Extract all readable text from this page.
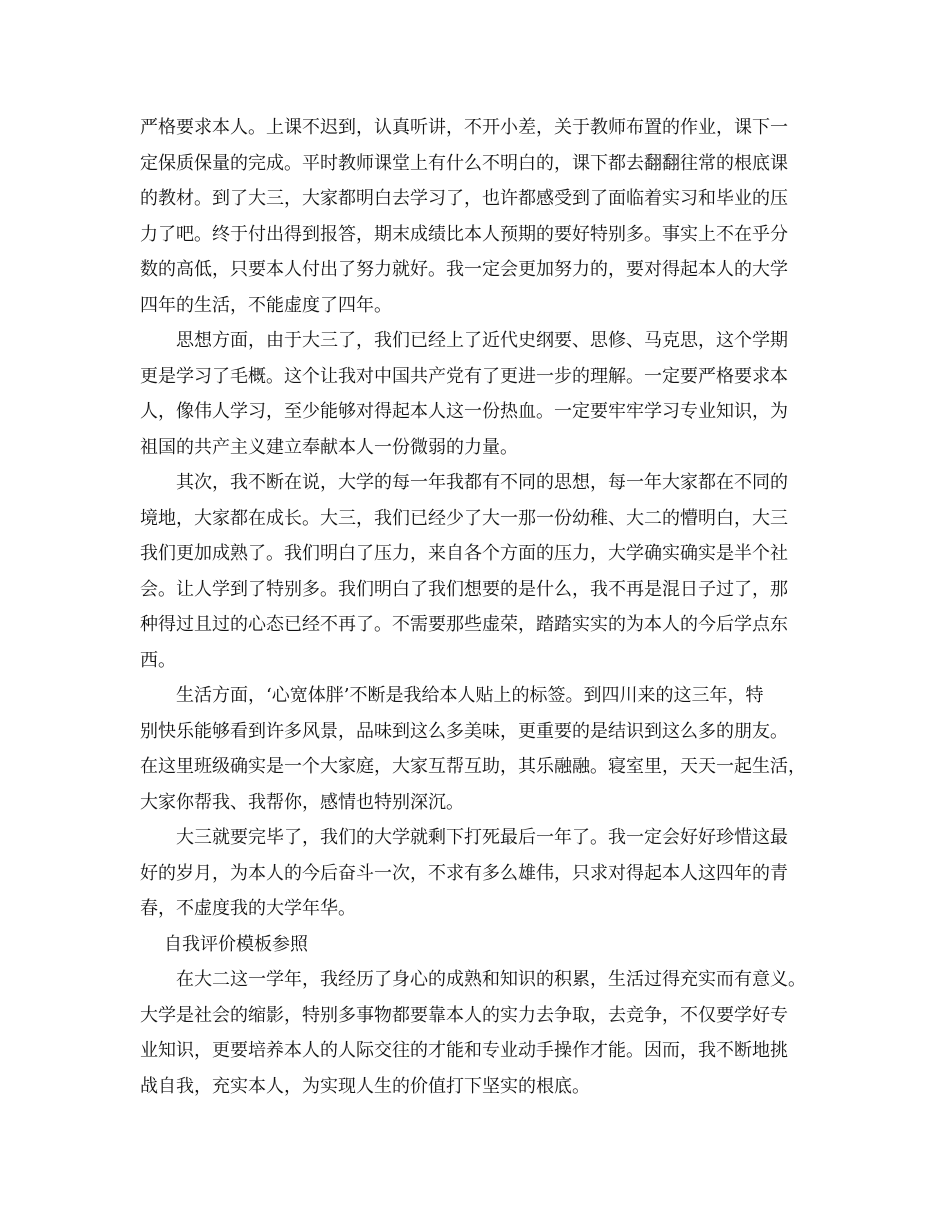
严格要求本人。上课不迟到，认真听讲，不开小差，关于教师布置的作业，课下一
定保质保量的完成。平时教师课堂上有什么不明白的，课下都去翻翻往常的根底课
的教材。到了大三，大家都明白去学习了，也许都感受到了面临着实习和毕业的压
力了吧。终于付出得到报答，期末成绩比本人预期的要好特别多。事实上不在乎分
数的高低，只要本人付出了努力就好。我一定会更加努力的，要对得起本人的大学
四年的生活，不能虚度了四年。

思想方面，由于大三了，我们已经上了近代史纲要、思修、马克思，这个学期
更是学习了毛概。这个让我对中国共产党有了更进一步的理解。一定要严格要求本
人，像伟人学习，至少能够对得起本人这一份热血。一定要牢牢学习专业知识，为
祖国的共产主义建立奉献本人一份微弱的力量。

其次，我不断在说，大学的每一年我都有不同的思想，每一年大家都在不同的
境地，大家都在成长。大三，我们已经少了大一那一份幼稚、大二的懵明白，大三
我们更加成熟了。我们明白了压力，来自各个方面的压力，大学确实确实是半个社
会。让人学到了特别多。我们明白了我们想要的是什么，我不再是混日子过了，那
种得过且过的心态已经不再了。不需要那些虚荣，踏踏实实的为本人的今后学点东
西。

生活方面，‘心宽体胖’不断是我给本人贴上的标签。到四川来的这三年，特
别快乐能够看到许多风景，品味到这么多美味，更重要的是结识到这么多的朋友。
在这里班级确实是一个大家庭，大家互帮互助，其乐融融。寝室里，天天一起生活，
大家你帮我、我帮你，感情也特别深沉。

大三就要完毕了，我们的大学就剩下打死最后一年了。我一定会好好珍惜这最
好的岁月，为本人的今后奋斗一次，不求有多么雄伟，只求对得起本人这四年的青
春，不虚度我的大学年华。

自我评价模板参照

在大二这一学年，我经历了身心的成熟和知识的积累，生活过得充实而有意义。
大学是社会的缩影，特别多事物都要靠本人的实力去争取，去竞争，不仅要学好专
业知识，更要培养本人的人际交往的才能和专业动手操作才能。因而，我不断地挑
战自我，充实本人，为实现人生的价值打下坚实的根底。
